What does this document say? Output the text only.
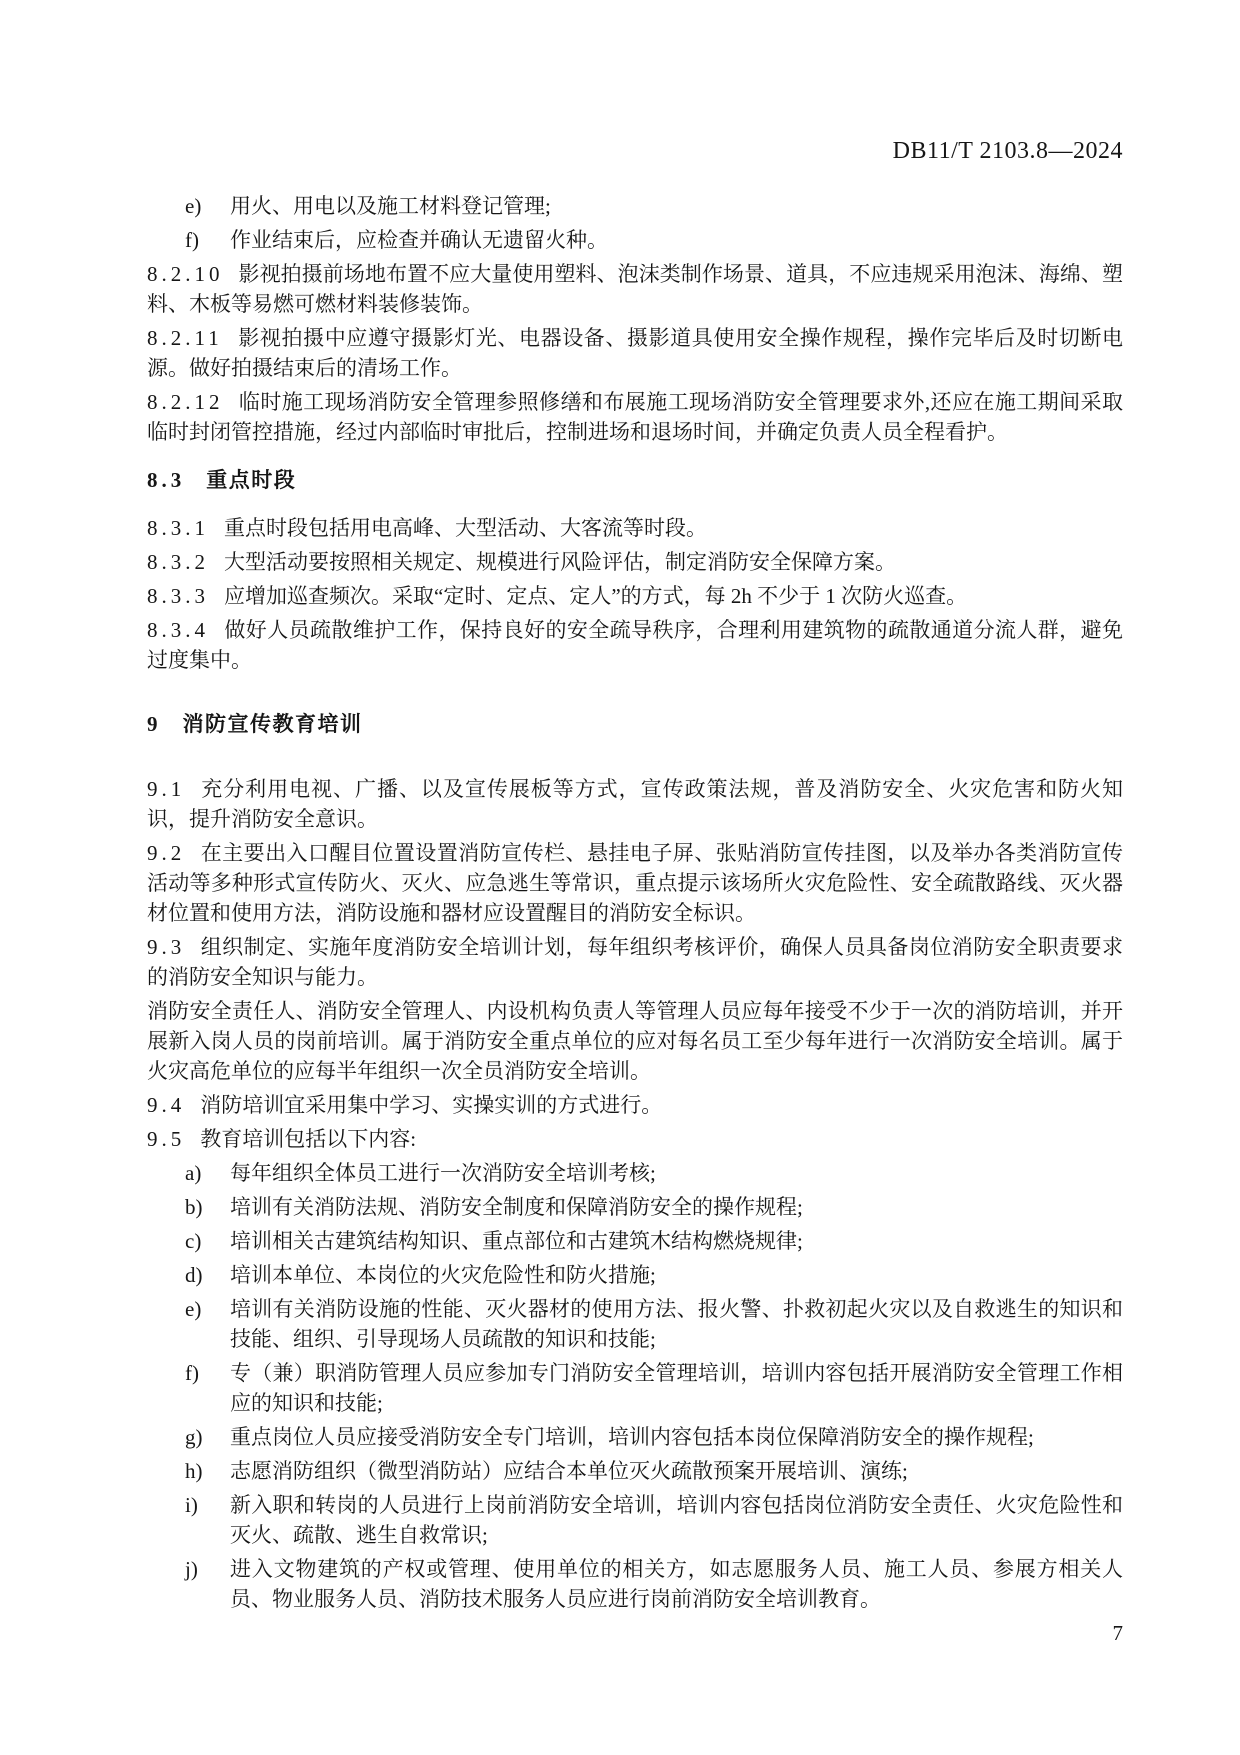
DB11/T 2103.8—2024

e) 用火、用电以及施工材料登记管理;

f) 作业结束后，应检查并确认无遗留火种。

8.2.10 影视拍摄前场地布置不应大量使用塑料、泡沫类制作场景、道具，不应违规采用泡沫、海绵、塑料、木板等易燃可燃材料装修装饰。

8.2.11 影视拍摄中应遵守摄影灯光、电器设备、摄影道具使用安全操作规程，操作完毕后及时切断电源。做好拍摄结束后的清场工作。

8.2.12 临时施工现场消防安全管理参照修缮和布展施工现场消防安全管理要求外,还应在施工期间采取临时封闭管控措施，经过内部临时审批后，控制进场和退场时间，并确定负责人员全程看护。

8.3 重点时段

8.3.1 重点时段包括用电高峰、大型活动、大客流等时段。

8.3.2 大型活动要按照相关规定、规模进行风险评估，制定消防安全保障方案。

8.3.3 应增加巡查频次。采取“定时、定点、定人”的方式，每 2h 不少于 1 次防火巡查。

8.3.4 做好人员疏散维护工作，保持良好的安全疏导秩序，合理利用建筑物的疏散通道分流人群，避免过度集中。

9 消防宣传教育培训

9.1 充分利用电视、广播、以及宣传展板等方式，宣传政策法规，普及消防安全、火灾危害和防火知识，提升消防安全意识。

9.2 在主要出入口醒目位置设置消防宣传栏、悬挂电子屏、张贴消防宣传挂图，以及举办各类消防宣传活动等多种形式宣传防火、灭火、应急逃生等常识，重点提示该场所火灾危险性、安全疏散路线、灭火器材位置和使用方法，消防设施和器材应设置醒目的消防安全标识。

9.3 组织制定、实施年度消防安全培训计划，每年组织考核评价，确保人员具备岗位消防安全职责要求的消防安全知识与能力。

消防安全责任人、消防安全管理人、内设机构负责人等管理人员应每年接受不少于一次的消防培训，并开展新入岗人员的岗前培训。属于消防安全重点单位的应对每名员工至少每年进行一次消防安全培训。属于火灾高危单位的应每半年组织一次全员消防安全培训。

9.4 消防培训宜采用集中学习、实操实训的方式进行。

9.5 教育培训包括以下内容:

a) 每年组织全体员工进行一次消防安全培训考核;

b) 培训有关消防法规、消防安全制度和保障消防安全的操作规程;

c) 培训相关古建筑结构知识、重点部位和古建筑木结构燃烧规律;

d) 培训本单位、本岗位的火灾危险性和防火措施;

e) 培训有关消防设施的性能、灭火器材的使用方法、报火警、扑救初起火灾以及自救逃生的知识和技能、组织、引导现场人员疏散的知识和技能;

f) 专（兼）职消防管理人员应参加专门消防安全管理培训，培训内容包括开展消防安全管理工作相应的知识和技能;

g) 重点岗位人员应接受消防安全专门培训，培训内容包括本岗位保障消防安全的操作规程;

h) 志愿消防组织（微型消防站）应结合本单位灭火疏散预案开展培训、演练;

i) 新入职和转岗的人员进行上岗前消防安全培训，培训内容包括岗位消防安全责任、火灾危险性和灭火、疏散、逃生自救常识;

j) 进入文物建筑的产权或管理、使用单位的相关方，如志愿服务人员、施工人员、参展方相关人员、物业服务人员、消防技术服务人员应进行岗前消防安全培训教育。

7
